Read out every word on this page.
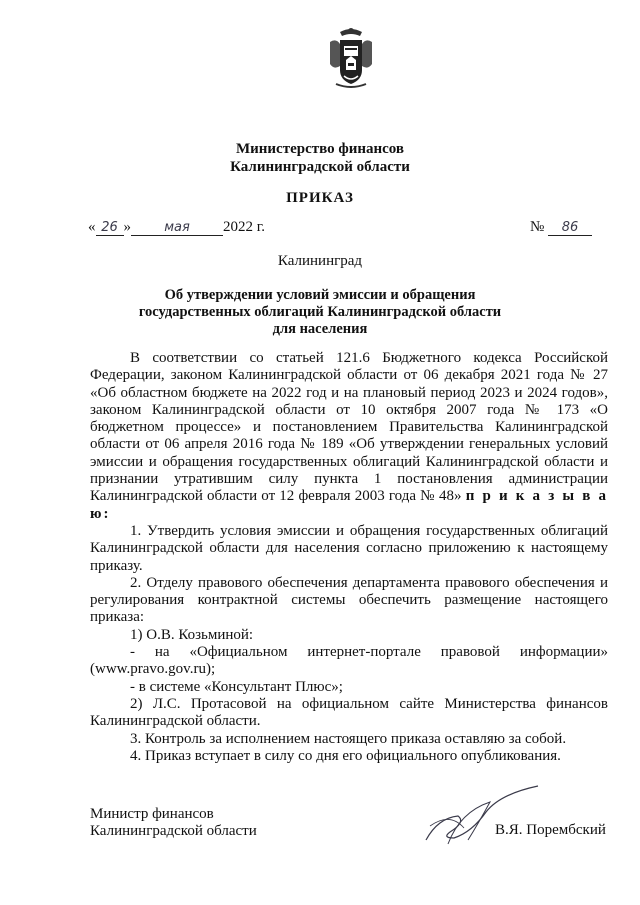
Министерство финансов
Калининградской области
ПРИКАЗ
« 26 »	мая 2022 г.	№ 86
Калининград
Об утверждении условий эмиссии и обращения
государственных облигаций Калининградской области
для населения

В соответствии со статьей 121.6 Бюджетного кодекса Российской Федерации, законом Калининградской области от 06 декабря 2021 года № 27 «Об областном бюджете на 2022 год и на плановый период 2023 и 2024 годов», законом Калининградской области от 10 октября 2007 года № 173 «О бюджетном процессе» и постановлением Правительства Калининградской области от 06 апреля 2016 года № 189 «Об утверждении генеральных условий эмиссии и обращения государственных облигаций Калининградской области и признании утратившим силу пункта 1 постановления администрации Калининградской области от 12 февраля 2003 года № 48» п р и к а з ы в а ю:

1. Утвердить условия эмиссии и обращения государственных облигаций Калининградской области для населения согласно приложению к настоящему приказу.

2. Отделу правового обеспечения департамента правового обеспечения и регулирования контрактной системы обеспечить размещение настоящего приказа:

1) О.В. Козьминой:

- на «Официальном интернет-портале правовой информации» (www.pravo.gov.ru);

- в системе «Консультант Плюс»;

2) Л.С. Протасовой на официальном сайте Министерства финансов Калининградской области.

3. Контроль за исполнением настоящего приказа оставляю за собой.

4. Приказ вступает в силу со дня его официального опубликования.

Министр финансов
Калининградской области	В.Я. Порембский
